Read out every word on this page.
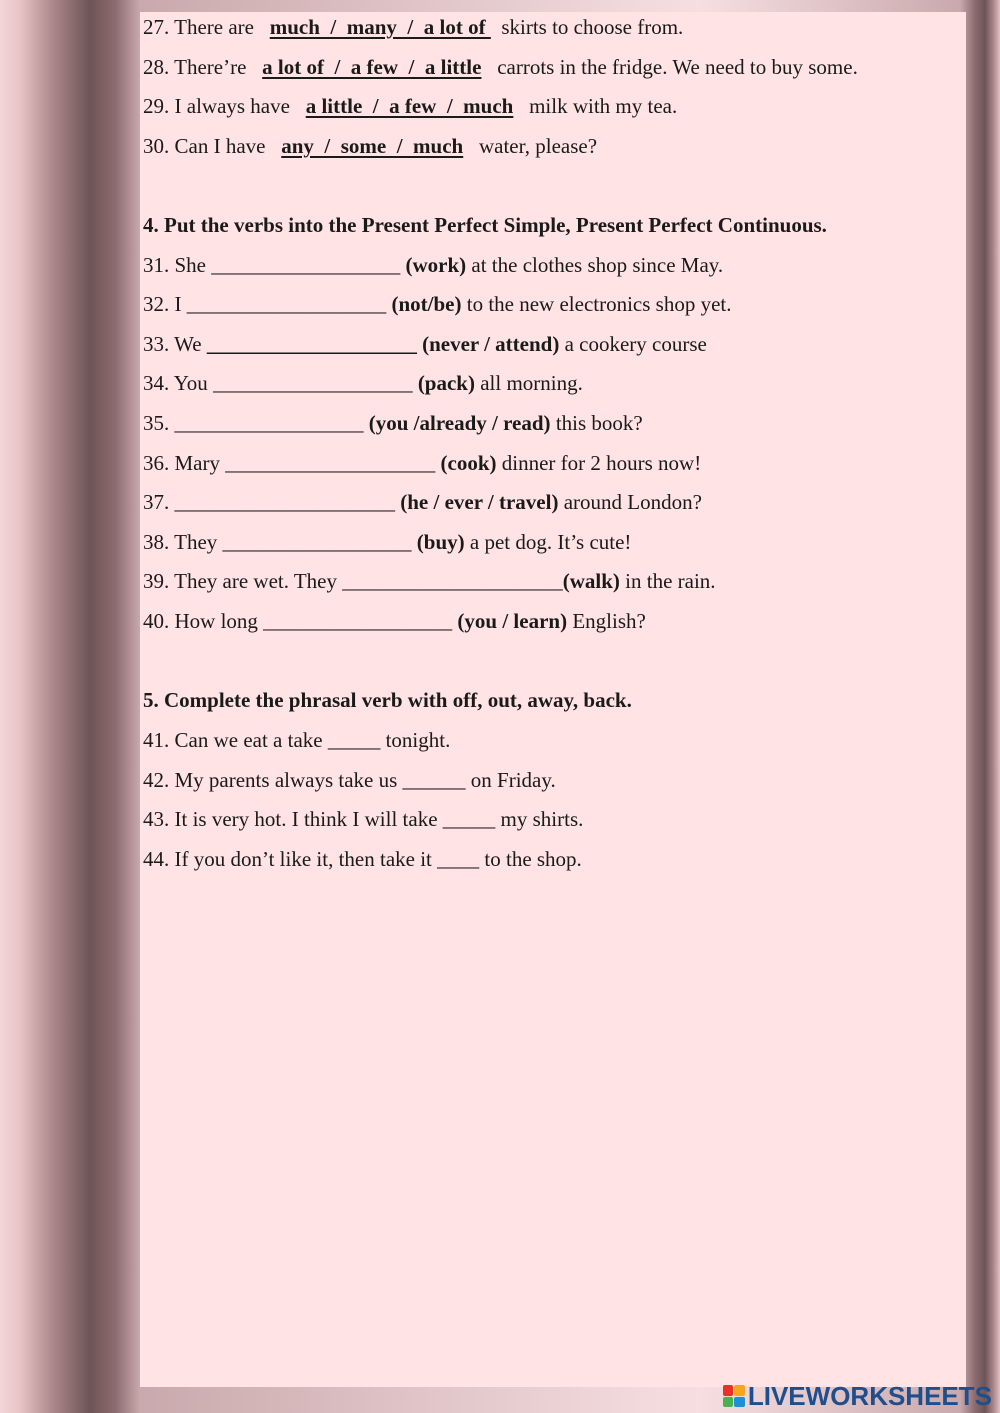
27. There are much  /  many  /  a lot of   skirts to choose from.
28. There’re a lot of  /  a few  /  a little carrots in the fridge. We need to buy some.
29. I always have a little  /  a few  /  much milk with my tea.
30. Can I have any  /  some  /  much water, please?
4. Put the verbs into the Present Perfect Simple, Present Perfect Continuous.
31. She __________________ (work) at the clothes shop since May.
32. I ___________________ (not/be) to the new electronics shop yet.
33. We ____________________ (never / attend) a cookery course
34. You ___________________ (pack) all morning.
35. __________________ (you /already / read) this book?
36. Mary ____________________ (cook) dinner for 2 hours now!
37. _____________________ (he / ever / travel) around London?
38. They __________________ (buy) a pet dog. It’s cute!
39. They are wet. They _____________________(walk) in the rain.
40. How long __________________ (you / learn) English?
5. Complete the phrasal verb with off, out, away, back.
41. Can we eat a take _____ tonight.
42. My parents always take us ______ on Friday.
43. It is very hot. I think I will take _____ my shirts.
44. If you don’t like it, then take it ____ to the shop.
LIVEWORKSHEETS
